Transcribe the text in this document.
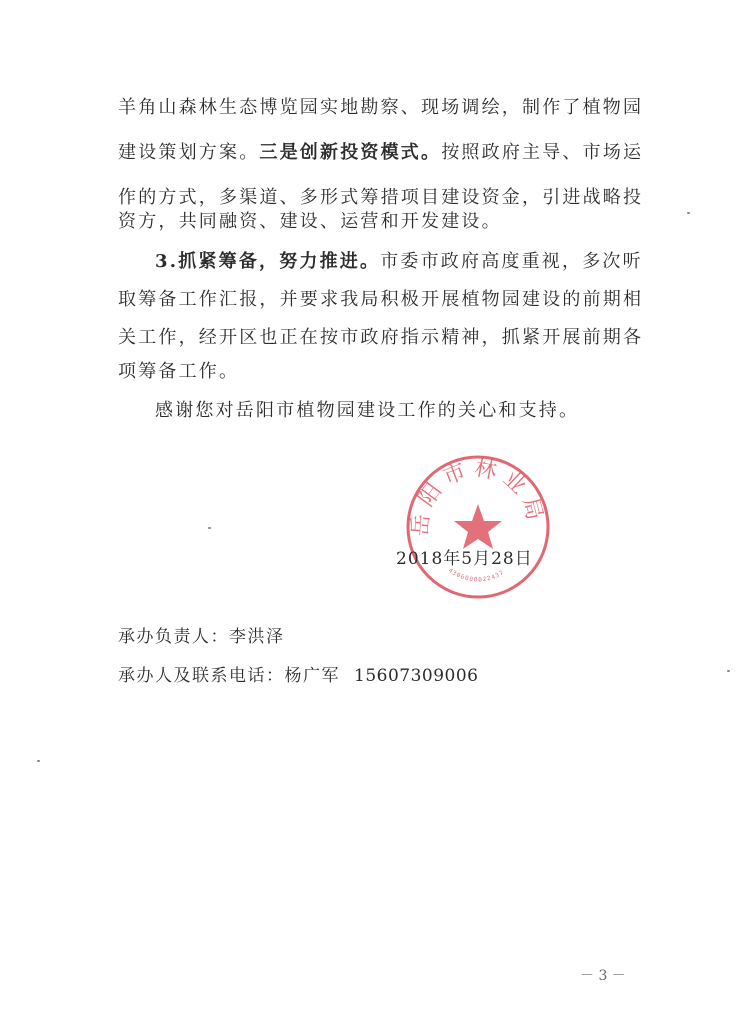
羊角山森林生态博览园实地勘察、现场调绘，制作了植物园
建设策划方案。三是创新投资模式。按照政府主导、市场运
作的方式，多渠道、多形式筹措项目建设资金，引进战略投
资方，共同融资、建设、运营和开发建设。
3.抓紧筹备，努力推进。市委市政府高度重视，多次听
取筹备工作汇报，并要求我局积极开展植物园建设的前期相
关工作，经开区也正在按市政府指示精神，抓紧开展前期各
项筹备工作。
感谢您对岳阳市植物园建设工作的关心和支持。
岳阳市林业局
4306000022437
2018年5月28日
承办负责人：李洪泽
承办人及联系电话：杨广军 15607309006
－ 3 －
